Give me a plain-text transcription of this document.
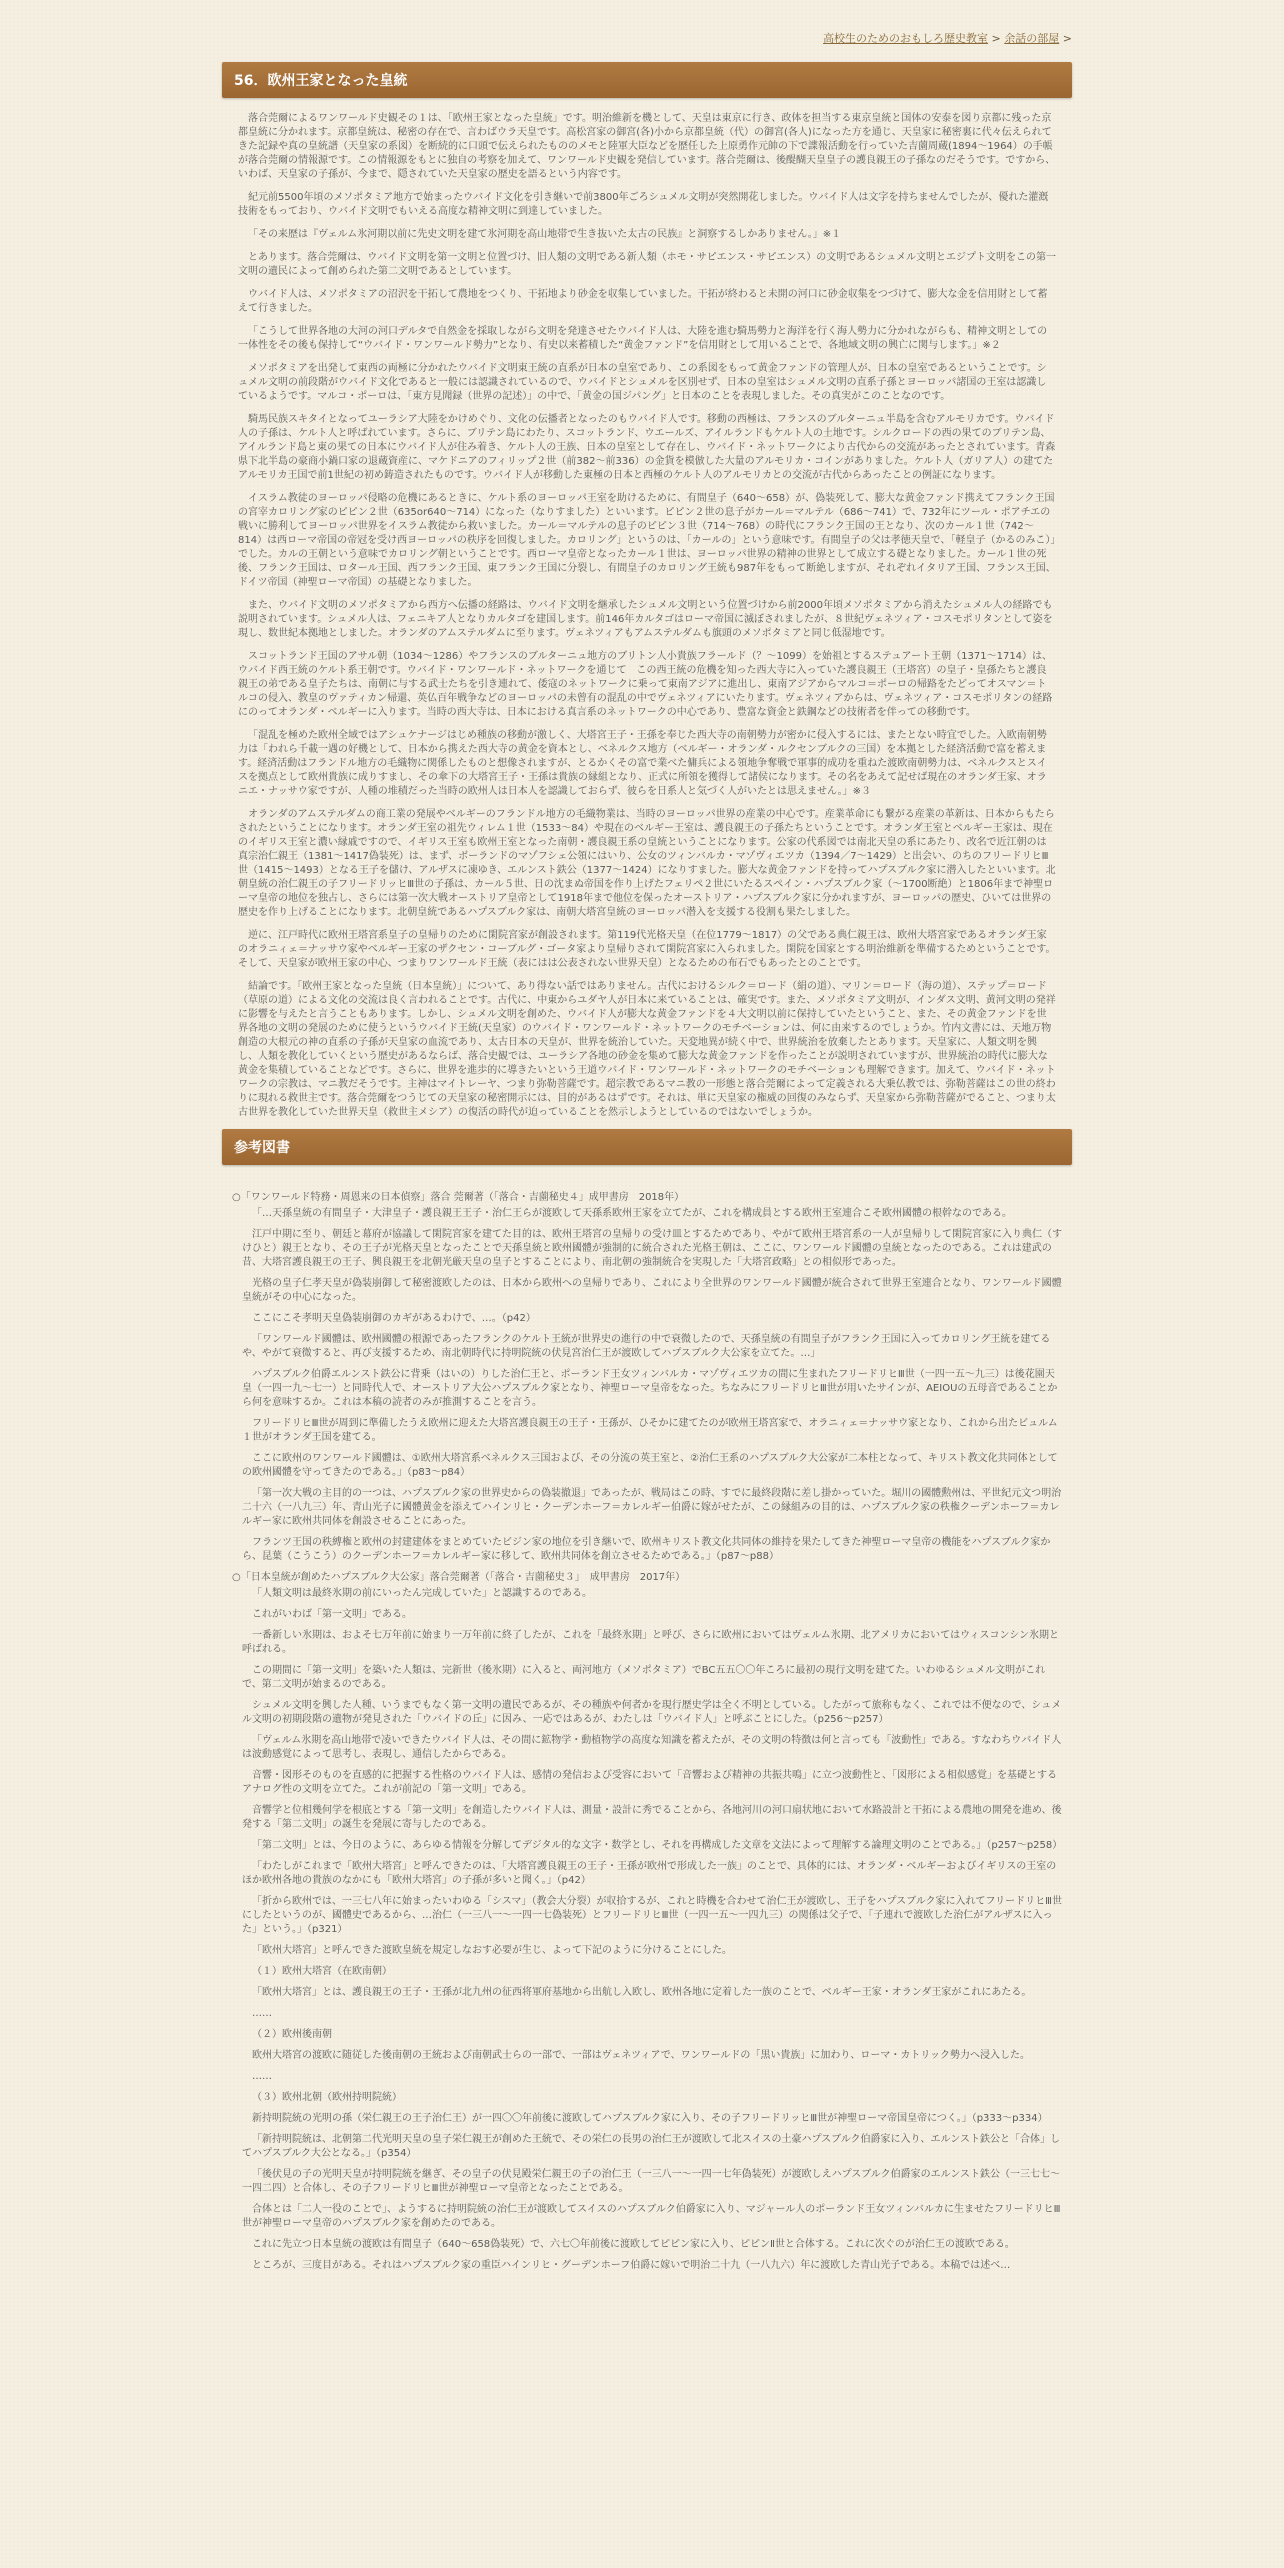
高校生のためのおもしろ歴史教室 > 余話の部屋 >
56．欧州王家となった皇統

落合莞爾によるワンワールド史観その１は、「欧州王家となった皇統」です。明治維新を機として、天皇は東京に行き、政体を担当する東京皇統と国体の安泰を図り京都に残った京都皇統に分かれます。京都皇統は、秘密の存在で、言わばウラ天皇です。高松宮家の御宮(各)小から京都皇統（代）の御宮(各人)になった方を通じ、天皇家に秘密裏に代々伝えられてきた記録や真の皇統譜（天皇家の系図）を断続的に口頭で伝えられたもののメモと陸軍大臣などを歴任した上原勇作元帥の下で諜報活動を行っていた吉薗周蔵(1894～1964）の手帳が落合莞爾の情報源です。この情報源をもとに独自の考察を加えて、ワンワールド史観を発信しています。落合莞爾は、後醍醐天皇皇子の護良親王の子孫なのだそうです。ですから、いわば、天皇家の子孫が、今まで、隠されていた天皇家の歴史を語るという内容です。

紀元前5500年頃のメソポタミア地方で始まったウバイド文化を引き継いで前3800年ごろシュメル文明が突然開花しました。ウバイド人は文字を持ちませんでしたが、優れた灌漑技術をもっており、ウバイド文明でもいえる高度な精神文明に到達していました。

「その来歴は『ヴェルム氷河期以前に先史文明を建て氷河期を高山地帯で生き抜いた太古の民族』と洞察するしかありません。」※１

とあります。落合莞爾は、ウバイド文明を第一文明と位置づけ、旧人類の文明である新人類（ホモ・サピエンス・サピエンス）の文明であるシュメル文明とエジプト文明をこの第一文明の遺民によって創められた第二文明であるとしています。

ウバイド人は、メソポタミアの沼沢を干拓して農地をつくり、干拓地より砂金を収集していました。干拓が終わると未開の河口に砂金収集をつづけて、膨大な金を信用財として蓄えて行きました。

「こうして世界各地の大河の河口デルタで自然金を採取しながら文明を発達させたウバイド人は、大陸を進む騎馬勢力と海洋を行く海人勢力に分かれながらも、精神文明としての一体性をその後も保持して“ウバイド・ワンワールド勢力”となり、有史以来蓄積した“黄金ファンド”を信用財として用いることで、各地域文明の興亡に関与します。」※２

メソポタミアを出発して東西の両極に分かれたウバイド文明東王統の直系が日本の皇室であり、この系図をもって黄金ファンドの管理人が、日本の皇室であるということです。シュメル文明の前段階がウバイド文化であると一般には認識されているので、ウバイドとシュメルを区別せず、日本の皇室はシュメル文明の直系子孫とヨーロッパ諸国の王室は認識しているようです。マルコ・ポーロは、「東方見聞録（世界の記述）」の中で、「黄金の国ジパング」と日本のことを表現しました。その真実がこのことなのです。

騎馬民族スキタイとなってユーラシア大陸をかけめぐり、文化の伝播者となったのもウバイド人です。移動の西極は、フランスのブルターニュ半島を含むアルモリカです。ウバイド人の子孫は、ケルト人と呼ばれています。さらに、ブリテン島にわたり、スコットランド、ウエールズ、アイルランドもケルト人の土地です。シルクロードの西の果てのブリテン島、アイルランド島と東の果ての日本にウバイド人が住み着き、ケルト人の王族、日本の皇室として存在し、ウバイド・ネットワークにより古代からの交流があったとされています。青森県下北半島の豪商小鍋口家の退蔵資産に、マケドニアのフィリップ２世（前382～前336）の金貨を模倣した大量のアルモリカ・コインがありました。ケルト人（ガリア人）の建てたアルモリカ王国で前1世紀の初め鋳造されたものです。ウバイド人が移動した東極の日本と西極のケルト人のアルモリカとの交流が古代からあったことの例証になります。

イスラム教徒のヨーロッパ侵略の危機にあるときに、ケルト系のヨーロッパ王室を助けるために、有間皇子（640～658）が、偽装死して、膨大な黄金ファンド携えてフランク王国の宮宰カロリング家のピピン２世（635or640～714）になった（なりすました）といいます。ピピン２世の息子がカール＝マルテル（686～741）で、732年にツール・ポアチエの戦いに勝利してヨーロッパ世界をイスラム教徒から救いました。カール＝マルテルの息子のピピン３世（714～768）の時代にフランク王国の王となり、次のカール１世（742～814）は西ローマ帝国の帝冠を受け西ヨーロッパの秩序を回復しました。カロリング」というのは、「カールの」という意味です。有間皇子の父は孝徳天皇で、「軽皇子（かるのみこ）」でした。カルの王朝という意味でカロリング朝ということです。西ローマ皇帝となったカール１世は、ヨーロッパ世界の精神の世界として成立する礎となりました。カール１世の死後、フランク王国は、ロタール王国、西フランク王国、東フランク王国に分裂し、有間皇子のカロリング王統も987年をもって断絶しますが、それぞれイタリア王国、フランス王国、ドイツ帝国（神聖ローマ帝国）の基礎となりました。

また、ウバイド文明のメソポタミアから西方へ伝播の経路は、ウバイド文明を継承したシュメル文明という位置づけから前2000年頃メソポタミアから消えたシュメル人の経路でも説明されています。シュメル人は、フェニキア人となりカルタゴを建国します。前146年カルタゴはローマ帝国に滅ぼされましたが、８世紀ヴェネツィア・コスモポリタンとして姿を現し、数世紀本拠地としました。オランダのアムステルダムに至ります。ヴェネツィアもアムステルダムも旗頭のメソポタミアと同じ低湿地です。

スコットランド王国のアサル朝（1034～1286）やフランスのブルターニュ地方のブリトン人小貴族フラールド（？～1099）を始祖とするステュアート王朝（1371～1714）は、ウバイド西王統のケルト系王朝です。ウバイド・ワンワールド・ネットワークを通じて　この西王統の危機を知った西大寺に入っていた護良親王（王塔宮）の皇子・皇孫たちと護良親王の弟である皇子たちは、南朝に与する武士たちを引き連れて、倭寇のネットワークに乗って東南アジアに進出し、東南アジアからマルコ＝ポーロの帰路をたどってオスマン＝トルコの侵入、教皇のヴァティカン帰還、英仏百年戦争などのヨーロッパの未曾有の混乱の中でヴェネツィアにいたります。ヴェネツィアからは、ヴェネツィア・コスモポリタンの経路にのってオランダ・ベルギーに入ります。当時の西大寺は、日本における真言系のネットワークの中心であり、豊富な資金と鉄鋼などの技術者を伴っての移動です。

「混乱を極めた欧州全域ではアシュケナージはじめ種族の移動が激しく、大塔宮王子・王孫を奉じた西大寺の南朝勢力が密かに侵入するには、またとない時宜でした。入欧南朝勢力は「われら千載一遇の好機として、日本から携えた西大寺の黄金を資本とし、ベネルクス地方（ベルギー・オランダ・ルクセンブルクの三国）を本拠とした経済活動で富を蓄えます。経済活動はフランドル地方の毛織物に関係したものと想像されますが、とるかくその富で業べた傭兵による領地争奪戦で軍事的成功を重ねた渡欧南朝勢力は、ベネルクスとスイスを拠点として欧州貴族に成りすまし、その傘下の大塔宮王子・王孫は貴族の縁組となり、正式に所領を獲得して諸侯になります。その名をあえて記せば現在のオランダ王家、オラニエ・ナッサウ家ですが、人種の堆積だった当時の欧州人は日本人を認識しておらず、彼らを日系人と気づく人がいたとは思えません。」※３

オランダのアムステルダムの商工業の発展やベルギーのフランドル地方の毛織物業は、当時のヨーロッパ世界の産業の中心です。産業革命にも繋がる産業の革新は、日本からもたらされたということになります。オランダ王室の祖先ウィレム１世（1533～84）や現在のベルギー王室は、護良親王の子孫たちということです。オランダ王室とベルギー王家は、現在のイギリス王室と濃い縁戚ですので、イギリス王室も欧州王室となった南朝・護良親王系の皇統ということになります。公家の代系図では南北天皇の系にあたり、改名で近江朝のは真宗治仁親王（1381～1417偽装死）は、まず、ボーランドのマゾフシェ公領にはいり、公女のツィンバルカ・マゾヴィエツカ（1394／7～1429）と出会い、のちのフリードリヒⅢ世（1415～1493）となる王子を儲け、アルザスに凍ゆき、エルンスト鉄公（1377～1424）になりすました。膨大な黄金ファンドを持ってハプスブルク家に潜入したといいます。北朝皇統の治仁親王の子フリードリッヒⅢ世の子孫は、カール５世、日の沈まぬ帝国を作り上げたフェリペ２世にいたるスペイン・ハプスブルク家（～1700断絶）と1806年まで神聖ローマ皇帝の地位を独占し、さらには第一次大戦オーストリア皇帝として1918年まで他位を保ったオーストリア・ハプスブルク家に分かれますが、ヨーロッパの歴史、ひいては世界の歴史を作り上げることになります。北朝皇統であるハプスブルク家は、南朝大塔宮皇統のヨーロッパ潜入を支援する役割も果たしました。

逆に、江戸時代に欧州王塔宮系皇子の皇帰りのために閑院宮家が創設されます。第119代光格天皇（在位1779～1817）の父である典仁親王は、欧州大塔宮家であるオランダ王家のオラニィェ＝ナッサウ家やベルギー王家のザクセン・コーブルグ・ゴータ家より皇帰りされて閑院宮家に入られました。閑院を国家とする明治維新を準備するためということです。そして、天皇家が欧州王家の中心、つまりワンワールド王統（表にはは公表されない世界天皇）となるための布石でもあったとのことです。

結論です。「欧州王家となった皇統（日本皇統）」について、あり得ない話ではありません。古代におけるシルク＝ロード（絹の道）、マリン＝ロード（海の道）、ステップ＝ロード（草原の道）による文化の交流は良く言われることです。古代に、中東からユダヤ人が日本に来ていることは、確実です。また、メソポタミア文明が、インダス文明、黄河文明の発祥に影響を与えたと言うこともあります。しかし、シュメル文明を創めた、ウバイド人が膨大な黄金ファンドを４大文明以前に保持していたということ、また、その黄金ファンドを世界各地の文明の発展のために使うというウバイド王統(天皇家）のウバイド・ワンワールド・ネットワークのモチベーションは、何に由来するのでしょうか。竹内文書には、天地万物創造の大根元の神の直系の子孫が天皇家の血流であり、太古日本の天皇が、世界を統治していた。天変地異が続く中で、世界統治を放棄したとあります。天皇家に、人類文明を興し、人類を教化していくという歴史があるならば、落合史観では、ユーラシア各地の砂金を集めて膨大な黄金ファンドを作ったことが説明されていますが、世界統治の時代に膨大な黄金を集積していることなどです。さらに、世界を進歩的に導きたいという王道ウバイド・ワンワールド・ネットワークのモチベーションも理解できます。加えて、ウバイド・ネットワークの宗教は、マニ教だそうです。主神はマイトレーヤ、つまり弥勒菩薩です。超宗教であるマニ教の一形態と落合莞爾によって定義される大乗仏教では、弥勒菩薩はこの世の終わりに現れる救世主です。落合莞爾をつうじての天皇家の秘密開示には、目的があるはずです。それは、単に天皇家の権威の回復のみならず、天皇家から弥勒菩薩がでること、つまり太古世界を教化していた世界天皇（救世主メシア）の復活の時代が迫っていることを然示しようとしているのではないでしょうか。

参考図書
○「ワンワールド特務・周恩来の日本偵察」落合 莞爾著（「落合・吉薗秘史４」成甲書房　2018年）

「…天孫皇統の有間皇子・大津皇子・護良親王王子・治仁王らが渡欧して天孫系欧州王家を立てたが、これを構成員とする欧州王室連合こそ欧州國體の根幹なのである。

江戸中期に至り、朝廷と幕府が協議して閑院宮家を建てた目的は、欧州王塔宮の皇帰りの受け皿とするためであり、やがて欧州王塔宮系の一人が皇帰りして閑院宮家に入り典仁（すけひと）親王となり、その王子が光格天皇となったことで天孫皇統と欧州國體が強制的に統合された光格王朝は、ここに、ワンワールド國體の皇統となったのである。これは建武の昔、大塔宮護良親王の王子、興良親王を北朝光厳天皇の皇子とすることにより、南北朝の強制統合を実現した「大塔宮政略」との相似形であった。

光格の皇子仁孝天皇が偽装崩御して秘密渡欧したのは、日本から欧州への皇帰りであり、これにより全世界のワンワールド國體が統合されて世界王室連合となり、ワンワールド國體皇統がその中心になった。

ここにこそ孝明天皇偽装崩御のカギがあるわけで、…。（p42）

「ワンワールド國體は、欧州國體の根源であったフランクのケルト王統が世界史の進行の中で衰微したので、天孫皇統の有間皇子がフランク王国に入ってカロリング王統を建てるや、やがて衰微すると、再び支援するため、南北朝時代に持明院統の伏見宮治仁王が渡欧してハプスブルク大公家を立てた。…」

ハプスブルク伯爵エルンスト鉄公に背乗（はいの）りした治仁王と、ポーランド王女ツィンバルカ・マゾヴィエツカの間に生まれたフリードリヒⅢ世（一四一五～九三）は後花園天皇（一四一九～七一）と同時代人で、オーストリア大公ハプスブルク家となり、神聖ローマ皇帝をなった。ちなみにフリードリヒⅢ世が用いたサインが、AEIOUの五母音であることから何を意味するか。これは本稿の読者のみが推測することを言う。

フリードリヒⅢ世が周到に準備したうえ欧州に迎えた大塔宮護良親王の王子・王孫が、ひそかに建てたのが欧州王塔宮家で、オラニィェ＝ナッサウ家となり、これから出たビュルム１世がオランダ王国を建てる。

ここに欧州のワンワールド國體は、①欧州大塔宮系ベネルクス三国および、その分流の英王室と、②治仁王系のハプスブルク大公家が二本柱となって、キリスト教文化共同体としての欧州國體を守ってきたのである。」（p83～p84）

「第一次大戦の主目的の一つは、ハプスブルク家の世界史からの偽装撤退」であったが、戦局はこの時、すでに最終段階に差し掛かっていた。堀川の國體勲州は、平世紀元文つ明治二十六（一八九三）年、青山光子に國體黄金を添えてハインリヒ・クーデンホーフ＝カレルギー伯爵に嫁がせたが、この縁組みの目的は、ハプスブルク家の秩権クーデンホーフ＝カレルギー家に欧州共同体を創設させることにあった。

フランツ王国の秩縛権と欧州の封建建体をまとめていたビジン家の地位を引き継いで、欧州キリスト教文化共同体の維持を果たしてきた神聖ローマ皇帝の機能をハプスブルク家から、昆葉（こうこう）のクーデンホーフ＝カレルギー家に移して、欧州共同体を創立させるためである。」（p87～p88）

○「日本皇統が創めたハプスブルク大公家」落合莞爾著（「落合・吉薗秘史３」　成甲書房　2017年）

「人類文明は最終氷期の前にいったん完成していた」と認識するのである。

これがいわば「第一文明」である。

一番新しい氷期は、およそ七万年前に始まり一万年前に終了したが、これを「最終氷期」と呼び、さらに欧州においてはヴェルム氷期、北アメリカにおいてはウィスコンシン氷期と呼ばれる。

この期間に「第一文明」を築いた人類は、完新世（後氷期）に入ると、両河地方（メソポタミア）でBC五五〇〇年ころに最初の現行文明を建てた。いわゆるシュメル文明がこれで、第二文明が始まるのである。

シュメル文明を興した人種、いうまでもなく第一文明の遺民であるが、その種族や何者かを現行歴史学は全く不明としている。したがって旅称もなく、これでは不便なので、シュメル文明の初期段階の遺物が発見された「ウバイドの丘」に因み、一応ではあるが、わたしは「ウバイド人」と呼ぶことにした。（p256～p257）

「ヴェルム氷期を高山地帯で凌いできたウバイド人は、その間に鉱物学・動植物学の高度な知識を蓄えたが、その文明の特徴は何と言っても「波動性」である。すなわちウバイド人は波動感覚によって思考し、表現し、通信したからである。

音響・図形そのものを直感的に把握する性格のウバイド人は、感情の発信および受容において「音響および精神の共振共鳴」に立つ波動性と、「図形による相似感覚」を基礎とするアナログ性の文明を立てた。これが前記の「第一文明」である。

音響学と位相幾何学を根底とする「第一文明」を創造したウバイド人は、測量・設計に秀でることから、各地河川の河口扇状地において水路設計と干拓による農地の開発を進め、後発する「第二文明」の誕生を発展に寄与したのである。

「第二文明」とは、今日のように、あらゆる情報を分解してデジタル的な文字・数学とし、それを再構成した文章を文法によって理解する論理文明のことである。」（p257～p258）

「わたしがこれまで「欧州大塔宮」と呼んできたのは、「大塔宮護良親王の王子・王孫が欧州で形成した一族」のことで、具体的には、オランダ・ベルギーおよびイギリスの王室のほか欧州各地の貴族のなかにも「欧州大塔宮」の子孫が多いと聞く。」（p42）

「折から欧州では、一三七八年に始まったいわゆる「シスマ」（教会大分裂）が収拾するが、これと時機を合わせて治仁王が渡欧し、王子をハプスブルク家に入れてフリードリヒⅢ世にしたというのが、國體史であるから、…治仁（一三八一～一四一七偽装死）とフリードリヒⅢ世（一四一五～一四九三）の関係は父子で、「子連れで渡欧した治仁がアルザスに入った」という。」（p321）

「欧州大塔宮」と呼んできた渡欧皇統を規定しなおす必要が生じ、よって下記のように分けることにした。

（１）欧州大塔宮（在欧南朝）

「欧州大塔宮」とは、護良親王の王子・王孫が北九州の征西将軍府基地から出航し入欧し、欧州各地に定着した一族のことで、ベルギー王家・オランダ王家がこれにあたる。

……

（２）欧州後南朝

欧州大塔宮の渡欧に随従した後南朝の王統および南朝武士らの一部で、一部はヴェネツィアで、ワンワールドの「黒い貴族」に加わり、ローマ・カトリック勢力へ浸入した。

……

（３）欧州北朝（欧州持明院統）

新持明院統の光明の孫（栄仁親王の王子治仁王）が一四〇〇年前後に渡欧してハプスブルク家に入り、その子フリードリッヒⅢ世が神聖ローマ帝国皇帝につく。」（p333～p334）

「新持明院統は、北朝第二代光明天皇の皇子栄仁親王が創めた王統で、その栄仁の長男の治仁王が渡欧して北スイスの土豪ハプスブルク伯爵家に入り、エルンスト鉄公と「合体」してハプスブルク大公となる。」（p354）

「後伏見の子の光明天皇が持明院統を継ぎ、その皇子の伏見殿栄仁親王の子の治仁王（一三八一～一四一七年偽装死）が渡欧しえハプスブルク伯爵家のエルンスト鉄公（一三七七～一四二四）と合体し、その子フリードリヒⅢ世が神聖ローマ皇帝となったことである。

合体とは「二人一役のことで」、ようするに持明院統の治仁王が渡欧してスイスのハプスブルク伯爵家に入り、マジャール人のポーランド王女ツィンバルカに生ませたフリードリヒⅢ世が神聖ローマ皇帝のハプスブルク家を創めたのである。

これに先立つ日本皇統の渡欧は有間皇子（640～658偽装死）で、六七〇年前後に渡欧してピピン家に入り、ピピンⅡ世と合体する。これに次ぐのが治仁王の渡欧である。

ところが、三度目がある。それはハプスブルク家の重臣ハインリヒ・グーデンホーフ伯爵に嫁いで明治二十九（一八九六）年に渡欧した青山光子である。本稿では述べ…
